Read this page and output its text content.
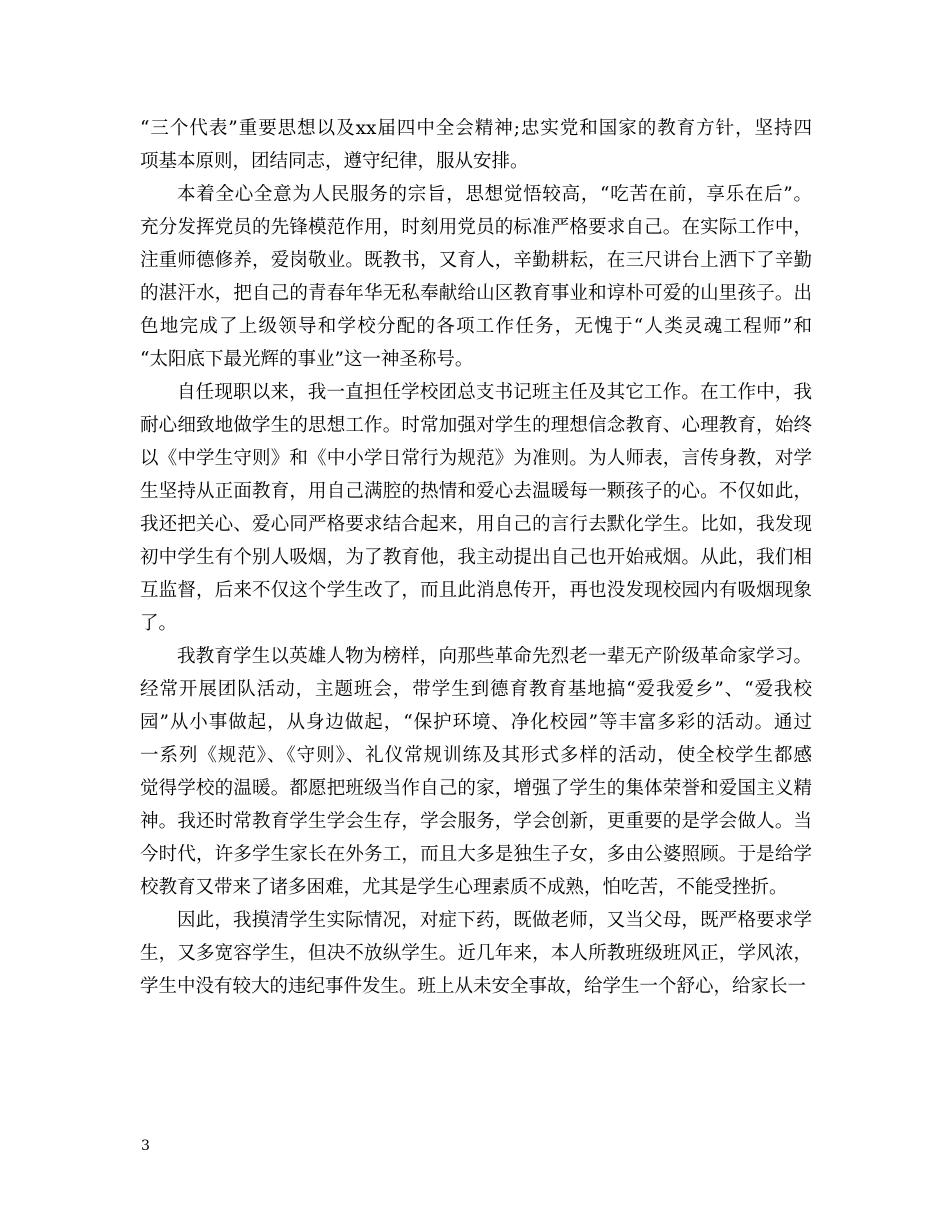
“三个代表”重要思想以及xx届四中全会精神;忠实党和国家的教育方针，坚持四
项基本原则，团结同志，遵守纪律，服从安排。
本着全心全意为人民服务的宗旨，思想觉悟较高，“吃苦在前，享乐在后”。
充分发挥党员的先锋模范作用，时刻用党员的标准严格要求自己。在实际工作中，
注重师德修养，爱岗敬业。既教书，又育人，辛勤耕耘，在三尺讲台上洒下了辛勤
的湛汗水，把自己的青春年华无私奉献给山区教育事业和谆朴可爱的山里孩子。出
色地完成了上级领导和学校分配的各项工作任务，无愧于“人类灵魂工程师”和
“太阳底下最光辉的事业”这一神圣称号。
自任现职以来，我一直担任学校团总支书记班主任及其它工作。在工作中，我
耐心细致地做学生的思想工作。时常加强对学生的理想信念教育、心理教育，始终
以《中学生守则》和《中小学日常行为规范》为准则。为人师表，言传身教，对学
生坚持从正面教育，用自己满腔的热情和爱心去温暖每一颗孩子的心。不仅如此，
我还把关心、爱心同严格要求结合起来，用自己的言行去默化学生。比如，我发现
初中学生有个别人吸烟，为了教育他，我主动提出自己也开始戒烟。从此，我们相
互监督，后来不仅这个学生改了，而且此消息传开，再也没发现校园内有吸烟现象
了。
我教育学生以英雄人物为榜样，向那些革命先烈老一辈无产阶级革命家学习。
经常开展团队活动，主题班会，带学生到德育教育基地搞“爱我爱乡”、“爱我校
园”从小事做起，从身边做起，“保护环境、净化校园”等丰富多彩的活动。通过
一系列《规范》、《守则》、礼仪常规训练及其形式多样的活动，使全校学生都感
觉得学校的温暖。都愿把班级当作自己的家，增强了学生的集体荣誉和爱国主义精
神。我还时常教育学生学会生存，学会服务，学会创新，更重要的是学会做人。当
今时代，许多学生家长在外务工，而且大多是独生子女，多由公婆照顾。于是给学
校教育又带来了诸多困难，尤其是学生心理素质不成熟，怕吃苦，不能受挫折。
因此，我摸清学生实际情况，对症下药，既做老师，又当父母，既严格要求学
生，又多宽容学生，但决不放纵学生。近几年来，本人所教班级班风正，学风浓，
学生中没有较大的违纪事件发生。班上从未安全事故，给学生一个舒心，给家长一
3
